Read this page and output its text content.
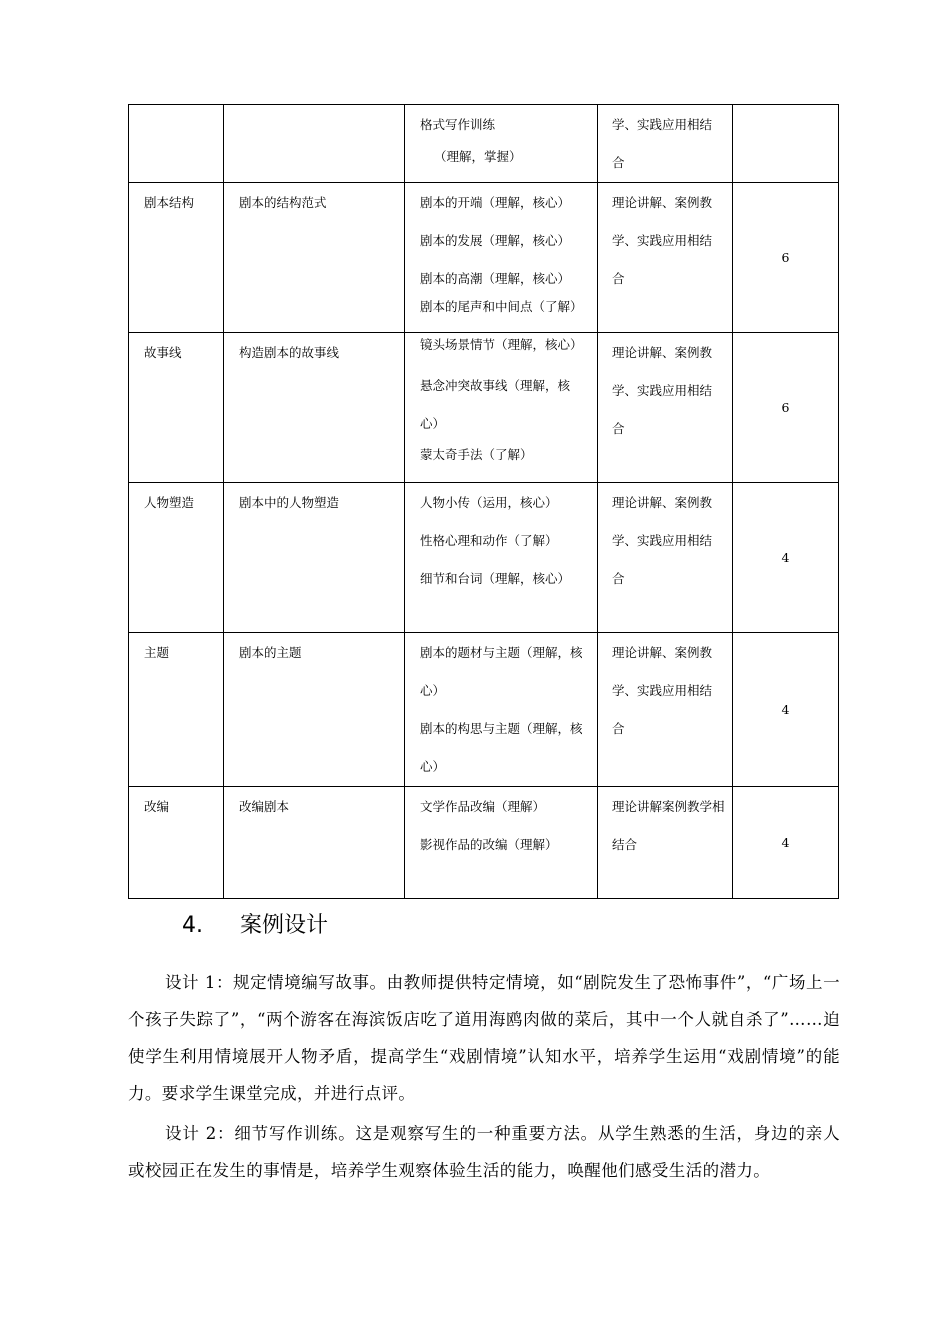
		格式写作训练
（理解，掌握）	学、实践应用相结合	

剧本结构	剧本的结构范式	剧本的开端（理解，核心）
剧本的发展（理解，核心）
剧本的高潮（理解，核心）
剧本的尾声和中间点（了解）	理论讲解、案例教学、实践应用相结合	6

故事线	构造剧本的故事线	镜头场景情节（理解，核心）
悬念冲突故事线（理解，核心）
蒙太奇手法（了解）	理论讲解、案例教学、实践应用相结合	6

人物塑造	剧本中的人物塑造	人物小传（运用，核心）
性格心理和动作（了解）
细节和台词（理解，核心）	理论讲解、案例教学、实践应用相结合	4

主题	剧本的主题	剧本的题材与主题（理解，核心）
剧本的构思与主题（理解，核心）	理论讲解、案例教学、实践应用相结合	4

改编	改编剧本	文学作品改编（理解）
影视作品的改编（理解）	理论讲解案例教学相结合	4
4. 案例设计

设计 1：规定情境编写故事。由教师提供特定情境，如“剧院发生了恐怖事件”，“广场上一个孩子失踪了”，“两个游客在海滨饭店吃了道用海鸥肉做的菜后，其中一个人就自杀了”……迫使学生利用情境展开人物矛盾，提高学生“戏剧情境”认知水平，培养学生运用“戏剧情境”的能力。要求学生课堂完成，并进行点评。

设计 2：细节写作训练。这是观察写生的一种重要方法。从学生熟悉的生活，身边的亲人或校园正在发生的事情是，培养学生观察体验生活的能力，唤醒他们感受生活的潜力。
